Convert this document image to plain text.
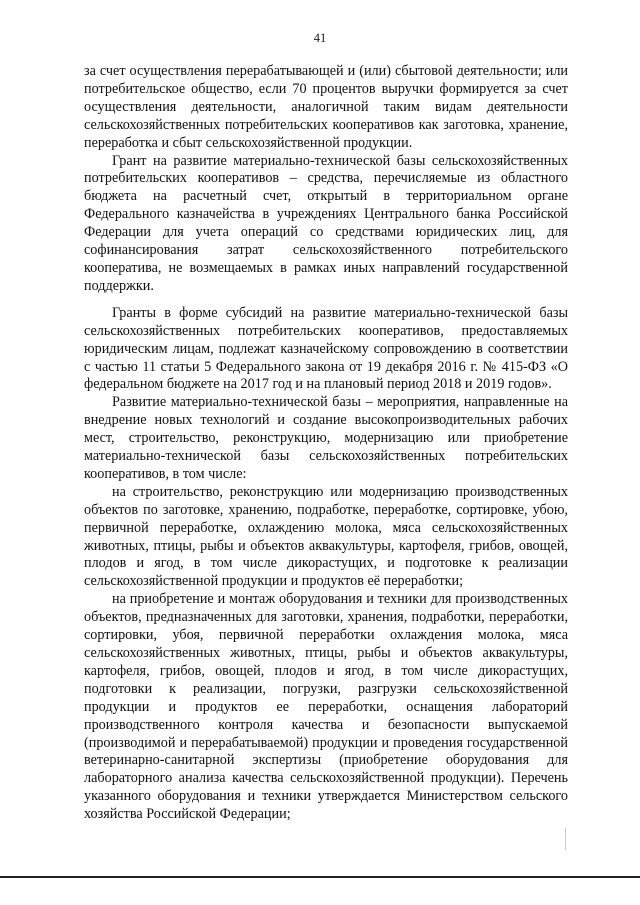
41

за счет осуществления перерабатывающей и (или) сбытовой деятельности; или потребительское общество, если 70 процентов выручки формируется за счет осуществления деятельности, аналогичной таким видам деятельности сельскохозяйственных потребительских кооперативов как заготовка, хранение, переработка и сбыт сельскохозяйственной продукции.

Грант на развитие материально-технической базы сельскохозяйственных потребительских кооперативов – средства, перечисляемые из областного бюджета на расчетный счет, открытый в территориальном органе Федерального казначейства в учреждениях Центрального банка Российской Федерации для учета операций со средствами юридических лиц, для софинансирования затрат сельскохозяйственного потребительского кооператива, не возмещаемых в рамках иных направлений государственной поддержки.

Гранты в форме субсидий на развитие материально-технической базы сельскохозяйственных потребительских кооперативов, предоставляемых юридическим лицам, подлежат казначейскому сопровождению в соответствии с частью 11 статьи 5 Федерального закона от 19 декабря 2016 г. № 415-ФЗ «О федеральном бюджете на 2017 год и на плановый период 2018 и 2019 годов».

Развитие материально-технической базы – мероприятия, направленные на внедрение новых технологий и создание высокопроизводительных рабочих мест, строительство, реконструкцию, модернизацию или приобретение материально-технической базы сельскохозяйственных потребительских кооперативов, в том числе:

на строительство, реконструкцию или модернизацию производственных объектов по заготовке, хранению, подработке, переработке, сортировке, убою, первичной переработке, охлаждению молока, мяса сельскохозяйственных животных, птицы, рыбы и объектов аквакультуры, картофеля, грибов, овощей, плодов и ягод, в том числе дикорастущих, и подготовке к реализации сельскохозяйственной продукции и продуктов её переработки;

на приобретение и монтаж оборудования и техники для производственных объектов, предназначенных для заготовки, хранения, подработки, переработки, сортировки, убоя, первичной переработки охлаждения молока, мяса сельскохозяйственных животных, птицы, рыбы и объектов аквакультуры, картофеля, грибов, овощей, плодов и ягод, в том числе дикорастущих, подготовки к реализации, погрузки, разгрузки сельскохозяйственной продукции и продуктов ее переработки, оснащения лабораторий производственного контроля качества и безопасности выпускаемой (производимой и перерабатываемой) продукции и проведения государственной ветеринарно-санитарной экспертизы (приобретение оборудования для лабораторного анализа качества сельскохозяйственной продукции). Перечень указанного оборудования и техники утверждается Министерством сельского хозяйства Российской Федерации;
